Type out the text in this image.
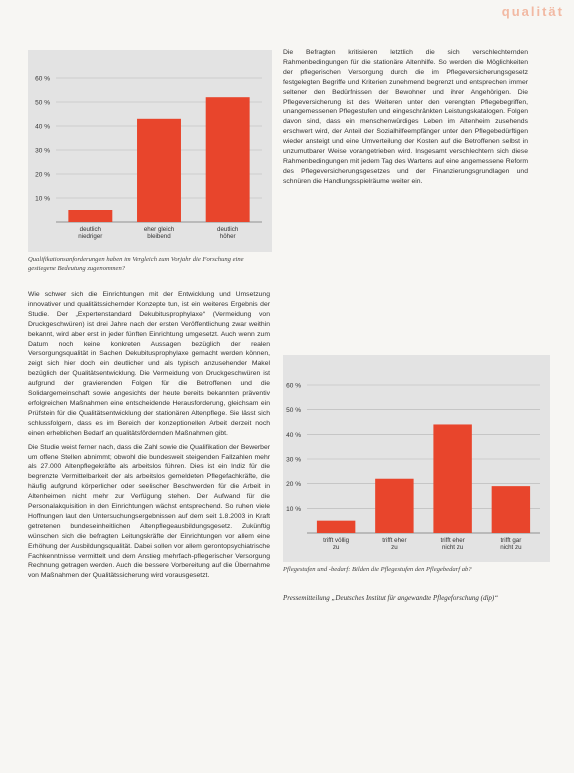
qualität
10 %
20 %
30 %
40 %
50 %
60 %
deutlich niedriger
eher gleich bleibend
deutlich höher
Qualifikationsanforderungen haben im Vergleich zum Vorjahr die Forschung eine gestiegene Bedeutung zugenommen?
10 %
20 %
30 %
40 %
50 %
60 %
trifft völlig zu
trifft eher zu
trifft eher nicht zu
trifft gar nicht zu
Pflegestufen und -bedarf: Bilden die Pflegestufen den Pflegebedarf ab?

Wie schwer sich die Einrichtungen mit der Entwicklung und Umsetzung innovativer und qualitätssichernder Konzepte tun, ist ein weiteres Ergebnis der Studie. Der „Expertenstandard Dekubitusprophylaxe“ (Vermeidung von Druckgeschwüren) ist drei Jahre nach der ersten Veröffentlichung zwar weithin bekannt, wird aber erst in jeder fünften Einrichtung umgesetzt. Auch wenn zum Datum noch keine konkreten Aussagen bezüglich der realen Versorgungsqualität in Sachen Dekubitusprophylaxe gemacht werden können, zeigt sich hier doch ein deutlicher und als typisch anzusehender Makel bezüglich der Qualitätsentwicklung. Die Vermeidung von Druckgeschwüren ist aufgrund der gravierenden Folgen für die Betroffenen und die Solidargemeinschaft sowie angesichts der heute bereits bekannten präventiv erfolgreichen Maßnahmen eine entscheidende Herausforderung, gleichsam ein Prüfstein für die Qualitätsentwicklung der stationären Altenpflege. Sie lässt sich schlussfolgern, dass es im Bereich der konzeptionellen Arbeit derzeit noch einen erheblichen Bedarf an qualitätsfördernden Maßnahmen gibt.

Die Studie weist ferner nach, dass die Zahl sowie die Qualifikation der Bewerber um offene Stellen abnimmt; obwohl die bundesweit steigenden Fallzahlen mehr als 27.000 Altenpflegekräfte als arbeitslos führen. Dies ist ein Indiz für die begrenzte Vermittelbarkeit der als arbeitslos gemeldeten Pflegefachkräfte, die häufig aufgrund körperlicher oder seelischer Beschwerden für die Arbeit in Altenheimen nicht mehr zur Verfügung stehen. Der Aufwand für die Personalakquisition in den Einrichtungen wächst entsprechend. So ruhen viele Hoffnungen laut den Untersuchungsergebnissen auf dem seit 1.8.2003 in Kraft getretenen bundeseinheitlichen Altenpflegeausbildungsgesetz. Zukünftig wünschen sich die befragten Leitungskräfte der Einrichtungen vor allem eine Erhöhung der Ausbildungsqualität. Dabei sollen vor allem gerontopsychiatrische Fachkenntnisse vermittelt und dem Anstieg mehrfach-pflegerischer Versorgung Rechnung getragen werden. Auch die bessere Vorbereitung auf die Übernahme von Maßnahmen der Qualitätssicherung wird vorausgesetzt.

Die Befragten kritisieren letztlich die sich verschlechternden Rahmenbedingungen für die stationäre Altenhilfe. So werden die Möglichkeiten der pflegerischen Versorgung durch die im Pflegeversicherungsgesetz festgelegten Begriffe und Kriterien zunehmend begrenzt und entsprechen immer seltener den Bedürfnissen der Bewohner und ihrer Angehörigen. Die Pflegeversicherung ist des Weiteren unter den verengten Pflegebegriffen, unangemessenen Pflegestufen und eingeschränkten Leistungskatalogen. Folgen davon sind, dass ein menschenwürdiges Leben im Altenheim zusehends erschwert wird, der Anteil der Sozialhilfeempfänger unter den Pflegebedürftigen wieder ansteigt und eine Umverteilung der Kosten auf die Betroffenen selbst in unzumutbarer Weise vorangetrieben wird. Insgesamt verschlechtern sich diese Rahmenbedingungen mit jedem Tag des Wartens auf eine angemessene Reform des Pflegeversicherungsgesetzes und der Finanzierungsgrundlagen und schnüren die Handlungsspielräume weiter ein.

Pressemitteilung „Deutsches Institut für angewandte Pflegeforschung (dip)“
